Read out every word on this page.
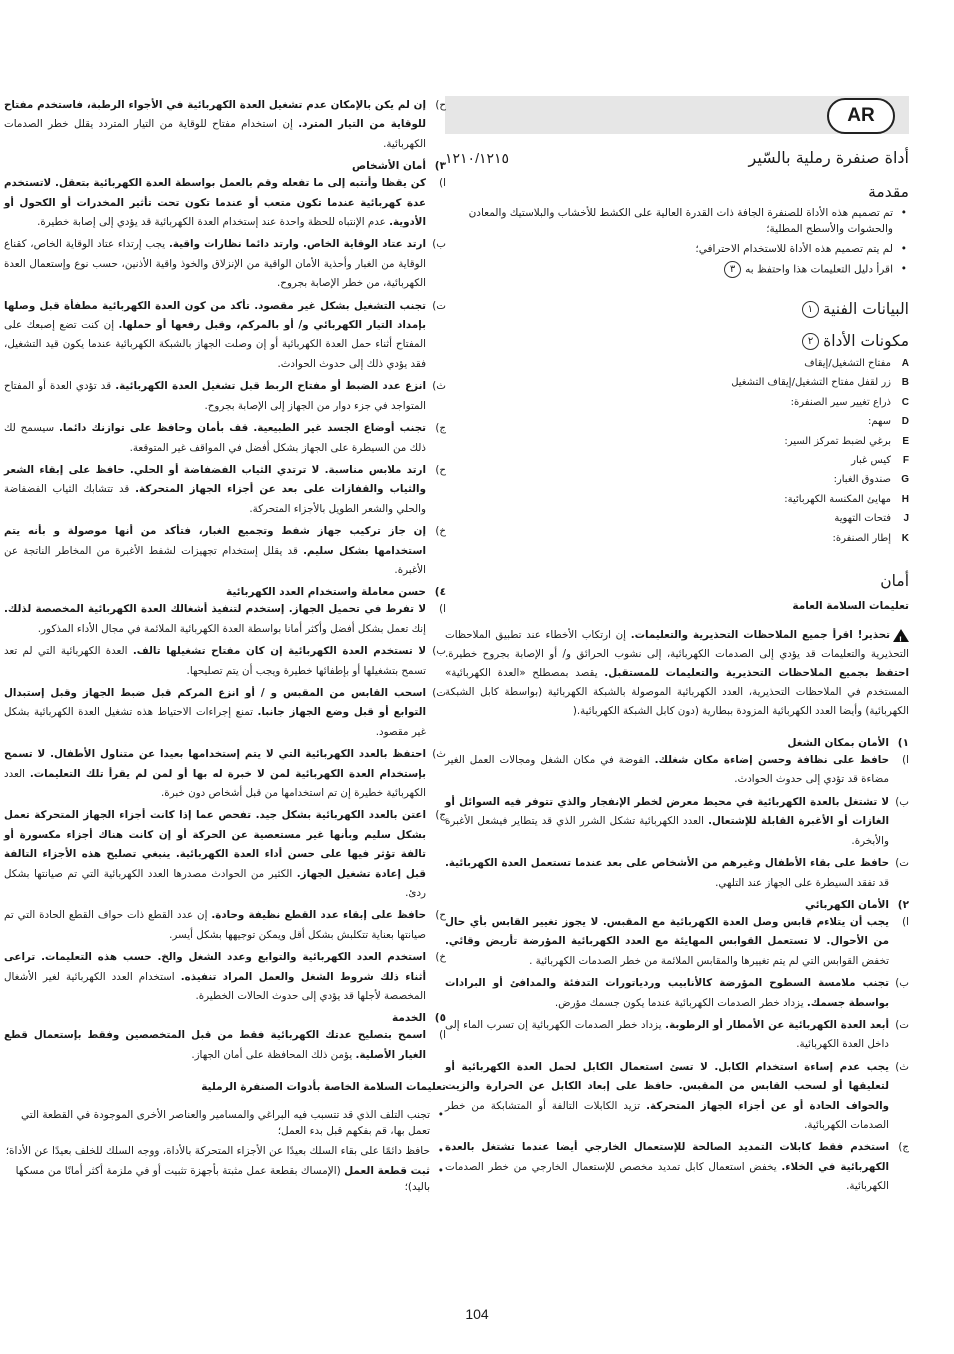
AR
أداة صنفرة رملية بالسّير
١٢١٠/١٢١٥
مقدمة
• تم تصميم هذه الأداة للصنفرة الجافة ذات القدرة العالية على الكشط للأخشاب والبلاستيك والمعادن والحشوات والأسطح المطلية؛
• لم يتم تصميم هذه الأداة للاستخدام الاحترافي؛
• اقرأ دليل التعليمات هذا واحتفظ به٣
البيانات الفنية١
مكونات الأداة٢
A
مفتاح التشغيل/إيقاف
B
زر لقفل مفتاح التشغيل/إيقاف التشغيل
C
ذراع تغيير سير الصنفرة:
D
سهم:
E
برغي لضبط تمركز السير:
F
كيس غبار
G
صندوق الغبار:
H
مهايئ المكنسة الكهربائية:
J
فتحات التهوية
K
إطار الصنفرة:
أمان
تعليمات السلامة العامة

!تحذير! اقرأ جميع الملاحظات التحذيرية والتعليمات. إن ارتكاب الأخطاء عند تطبيق الملاحظات التحذيرية والتعليمات قد يؤدي إلى الصدمات الكهربائية، إلى نشوب الحرائق و/ أو الإصابة بجروح خطيرة. احتفظ بجميع الملاحظات التحذيرية والتعليمات للمستقبل. يقصد بمصطلح «العدة الكهربائية» المستخدم في الملاحظات التحذيرية، العدد الكهربائية الموصولة بالشبكة الكهربائية (بواسطة كابل الشبكة الكهربائية) وأيضا العدد الكهربائية المزودة ببطارية (دون كابل الشبكة الكهربائية.(

١)الأمان بمكان الشغل
ا)
حافظ على نظافة وحسن إضاءة مكان شغلك. الفوضة في مكان الشغل ومجالات العمل الغير مضاءة قد تؤدي إلى حدوث الحوادث.
ب)
لا تشتغل بالعدة الكهربائية في محيط معرض لخطر الإنفجار والذي تتوفر فيه السوائل أو الغازات أو الأغبرة القابلة للإشتعال. العدد الكهربائية تشكل الشرر الذي قد يتطاير فيشعل الأغبرة والأبخرة.
ت)
حافظ على بقاء الأطفال وغيرهم من الأشخاص على بعد عندما تستعمل العدة الكهربائية. قد تفقد السيطرة على الجهاز عند التلهي.
٢)الأمان الكهربائي
ا)
يجب أن يتلاءم قابس وصل العدة الكهربائية مع المقبس. لا يجوز تغيير القابس بأي حال من الأحوال. لا تستعمل القوابس المهايئة مع العدد الكهربائية المؤرضة تأريض وقائي. تخفض القوابس التي لم يتم تغييرها والمقابس الملائمة من خطر الصدمات الكهربائية .
ب)
تجنب ملامسة السطوح المؤرضة كالأنابيب وردياتورات التدفئة والمدافئ أو البرادات بواسطة جسمك. يزداد خطر الصدمات الكهربائية عندما يكون جسمك مؤرض.
ت)
أبعد العدة الكهربائية عن الأمطار أو الرطوبة. يزداد خطر الصدمات الكهربائية إن تسرب الماء إلى داخل العدة الكهربائية.
ث)
يجب عدم إساءة استخدام الكابل. لا تسئ استعمال الكابل لحمل العدة الكهربائية أو لتعليقها أو لسحب القابس من المقبس. حافظ على إبعاد الكابل عن الحرارة والزيت والحواف الحادة أو عن أجزاء الجهاز المتحركة. تزيد الكابلات التالفة أو المتشابكة من خطر الصدمات الكهربائية.
ج)
استخدم فقط كابلات التمديد الصالحة للإستعمال الخارجي أيضا عندما تشتغل بالعدة الكهربائية في الخلاء. يخفض استعمال كابل تمديد مخصص للإستعمال الخارجي من خطر الصدمات الكهربائية.
ح)
إن لم يكن بالإمكان عدم تشغيل العدة الكهربائية في الأجواء الرطبة، فاستخدم مفتاح للوقاية من التيار المترد. إن استخدام مفتاح للوقاية من التيار المتردد يقلل خطر الصدمات الكهربائية.
٣)أمان الأشخاص
ا)
كن يقظا وأنتبه إلى ما تفعله وقم بالعمل بواسطة العدة الكهربائية بتعقل. لاتستخدم عدة كهربائية عندما تكون متعب أو عندما تكون تحت تأثير المخدرات أو الكحول أو الأدوية. عدم الإنتباه للحظة واحدة عند إستخدام العدة الكهربائية قد يؤدي إلى إصابة خطيرة.
ب)
ارتد عتاد الوقاية الخاص. وارتد دائما نظارات واقية. يجب إرتداء عتاد الوقاية الخاص، كقناع الوقاية من الغبار وأحذية الأمان الواقية من الإنزلاق والخوذ واقية الأذنين، حسب نوع وإستعمال العدة الكهربائية، من خطر الإصابة بجروح.
ت)
تجنب التشغيل بشكل غير مقصود. تأكد من كون العدة الكهربائية مطفأة قبل وصلها بإمداد التيار الكهربائي و/ أو بالمركم، وقبل رفعها أو حملها. إن كنت تضع إصبعك على المفتاح أثناء حمل العدة الكهربائية أو إن وصلت الجهاز بالشبكة الكهربائية عندما يكون قيد التشغيل، فقد يؤدي ذلك إلى حدوث الحوادث.
ث)
انزع عدد الضبط أو مفتاح الربط قبل تشغيل العدة الكهربائية. قد تؤدي العدة أو المفتاح المتواجد في جزء دوار من الجهاز إلى الإصابة بجروح.
ج)
تجنب أوضاع الجسد غير الطبيعية. قف بأمان وحافظ على توازنك دائما. سيسمح لك ذلك من السيطرة على الجهاز بشكل أفضل في المواقف غير المتوقعة.
ح)
ارتد ملابس مناسبة. لا ترتدي الثياب الفضفاضة أو الحلي. حافظ على إبقاء الشعر والثياب والقفازات على بعد عن أجزاء الجهاز المتحركة. قد تتشابك الثياب الفضفاضة والحلي والشعر الطويل بالأجزاء المتحركة.
خ)
إن جاز تركيب جهاز شفط وتجميع الغبار، فتأكد من أنها موصولة و بأنه يتم استخدامها بشكل سليم. قد يقلل إستخدام تجهيزات لشفط الأغبرة من المخاطر الناتجة عن الأغبرة.
٤)حسن معاملة واستخدام العدد الكهربائية
ا)
لا تفرط في تحميل الجهاز. إستخدم لتنفيذ أشغالك العدة الكهربائية المخصصة لذلك. إنك تعمل بشكل أفضل وأكثر أمانا بواسطة العدة الكهربائية الملائمة في مجال الأداء المذكور.
ب)
لا تستخدم العدة الكهربائية إن كان مفتاح تشغيلها تالف. العدة الكهربائية التي لم تعد تسمح بتشغيلها أو بإطفائها خطيرة ويجب أن يتم تصليحها.
ت)
اسحب القابس من المقبس و / أو انزع المركم قبل ضبط الجهاز وقبل إستبدال التوابع أو قبل وضع الجهاز جانبا. تمنع إجراءات الاحتياط هذه تشغيل العدة الكهربائية بشكل غير مقصود.
ث)
احتفظ بالعدد الكهربائية التي لا يتم إستخدامها بعيدا عن متناول الأطفال. لا تسمح بإستخدام العدة الكهربائية لمن لا خبرة له بها أو لمن لم يقرأ تلك التعليمات. العدد الكهربائية خطيرة إن تم استخدامها من قبل أشخاص دون خبرة.
ج)
اعتن بالعدد الكهربائية بشكل جيد. تفحص عما إذا كانت أجزاء الجهاز المتحركة تعمل بشكل سليم وبأنها غير مستعصية عن الحركة أو إن كانت هناك أجزاء مكسورة أو تالفة تؤثر فيها على حسن أداء العدة الكهربائية. ينبغي تصليح هذه الأجزاء التالفة قبل إعادة تشغيل الجهاز. الكثير من الحوادث مصدرها العدد الكهربائية التي تم صيانتها بشكل ردئ.
ح)
حافظ على إبقاء عدد القطع نظيفة وحادة. إن عدد القطع ذات حواف القطع الحادة التي تم صيانتها بعناية تتكلبش بشكل أقل ويمكن توجيهها بشكل أيسر.
خ)
استخدم العدد الكهربائية والتوابع وعدد الشغل والخ. حسب هذه التعليمات. تراعى أثناء ذلك شروط الشغل والعمل المراد تنفيذه. استخدام العدد الكهربائية لغير الأشغال المخصصة لأجلها قد يؤدي إلى حدوث الحالات الخطيرة.
٥)الخدمة
ا)
اسمح بتصليح عدتك الكهربائية فقط من قبل المتخصصين وفقط بإستعمال قطع الغيار الأصلية. يؤمن ذلك المحافظة على أمان الجهاز.
تعليمات السلامة الخاصة بأدوات الصنفرة الرملية
• تجنب التلف الذي قد تتسبب فيه البراغي والمسامير والعناصر الأخرى الموجودة في القطعة التي تعمل بها، قم بفكهم قبل بدء العمل؛
• حافظ دائمًا على بقاء السلك بعيدًا عن الأجزاء المتحركة بالأداة، ووجه السلك للخلف بعيدًا عن الأداة؛
• ثبت قطعة العمل (الإمساك بقطعة عمل مثبتة بأجهزة تثبيت أو في ملزمة أكثر أمانًا من مسكها باليد)؛
104
